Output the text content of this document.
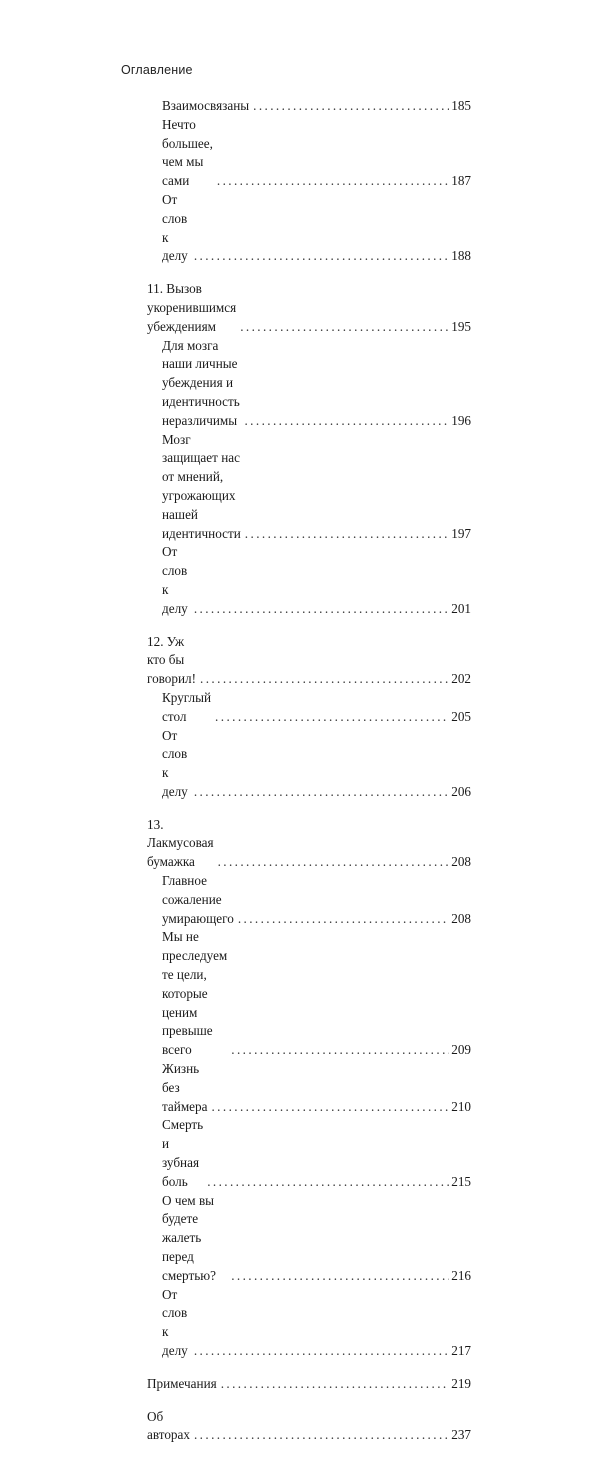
Оглавление
Взаимосвязаны .....	185
Нечто большее, чем мы сами .....	187
От слов к делу .....	188
11. Вызов укоренившимся убеждениям .....	195
Для мозга наши личные убеждения и идентичность
неразличимы .....	196
Мозг защищает нас от мнений, угрожающих нашей
идентичности .....	197
От слов к делу .....	201
12. Уж кто бы говорил! .....	202
Круглый стол .....	205
От слов к делу .....	206
13. Лакмусовая бумажка .....	208
Главное сожаление умирающего .....	208
Мы не преследуем те цели,
которые ценим превыше всего .....	209
Жизнь без таймера .....	210
Смерть и зубная боль .....	215
О чем вы будете жалеть перед смертью? .....	216
От слов к делу .....	217
Примечания .....	219
Об авторах .....	237
